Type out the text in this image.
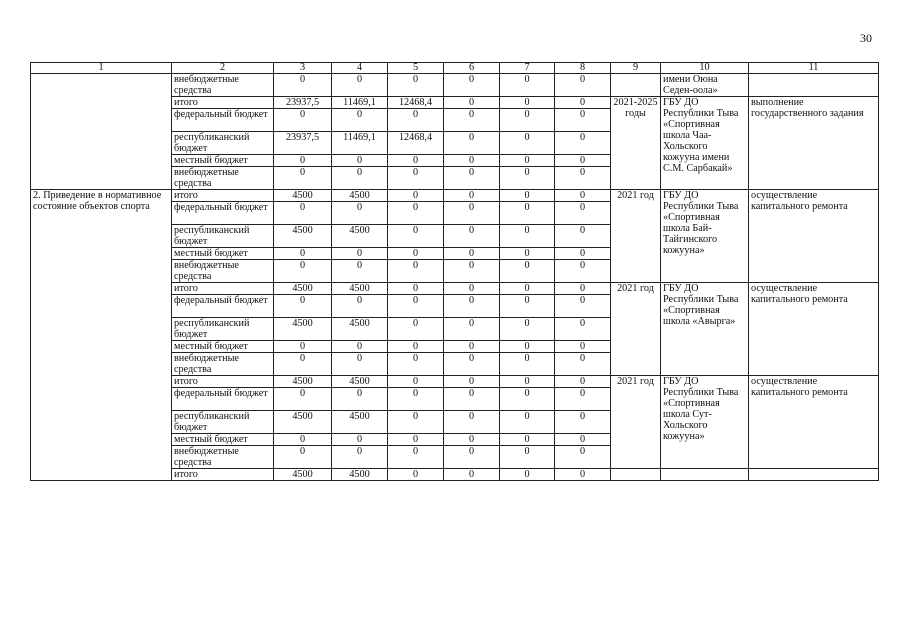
30
1	2	3	4	5	6	7	8	9	10	11
	внебюджетные средства	0	0	0	0	0	0		имени Оюна Седен-оола»	
	итого	23937,5	11469,1	12468,4	0	0	0	2021-2025 годы	ГБУ ДО Республики Тыва «Спортивная школа Чаа-Хольского кожууна имени С.М. Сарбакай»	выполнение государственного задания
	федеральный бюджет	0	0	0	0	0	0			
	республиканский бюджет	23937,5	11469,1	12468,4	0	0	0			
	местный бюджет	0	0	0	0	0	0			
	внебюджетные средства	0	0	0	0	0	0			
2. Приведение в нормативное состояние объектов спорта	итого	4500	4500	0	0	0	0	2021 год	ГБУ ДО Республики Тыва «Спортивная школа Бай-Тайгинского кожууна»	осуществление капитального ремонта
	федеральный бюджет	0	0	0	0	0	0			
	республиканский бюджет	4500	4500	0	0	0	0			
	местный бюджет	0	0	0	0	0	0			
	внебюджетные средства	0	0	0	0	0	0			
	итого	4500	4500	0	0	0	0	2021 год	ГБУ ДО Республики Тыва «Спортивная школа «Авырга»	осуществление капитального ремонта
	федеральный бюджет	0	0	0	0	0	0			
	республиканский бюджет	4500	4500	0	0	0	0			
	местный бюджет	0	0	0	0	0	0			
	внебюджетные средства	0	0	0	0	0	0			
	итого	4500	4500	0	0	0	0	2021 год	ГБУ ДО Республики Тыва «Спортивная школа Сут-Хольского кожууна»	осуществление капитального ремонта
	федеральный бюджет	0	0	0	0	0	0			
	республиканский бюджет	4500	4500	0	0	0	0			
	местный бюджет	0	0	0	0	0	0			
	внебюджетные средства	0	0	0	0	0	0			
	итого	4500	4500	0	0	0	0			
